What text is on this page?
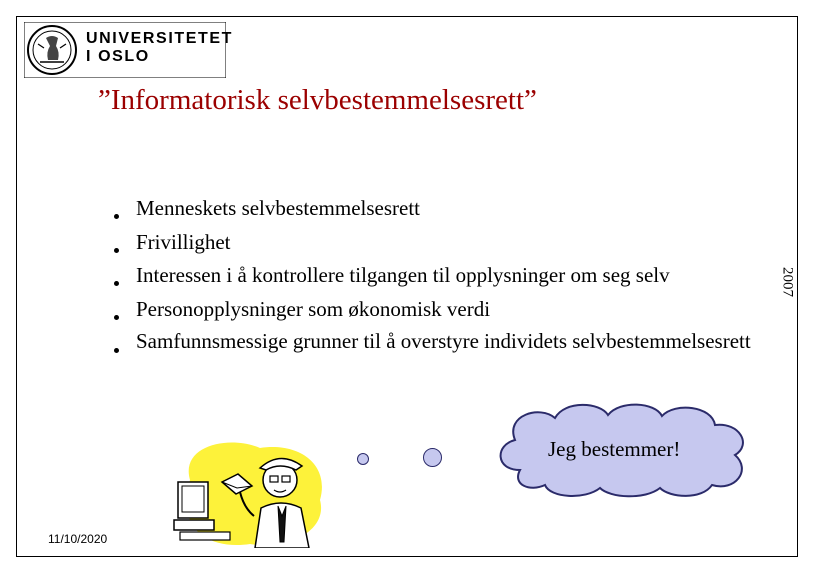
UNIVERSITETET
I OSLO
”Informatorisk selvbestemmelsesrett”
2007
Menneskets selvbestemmelsesrett
Frivillighet
Interessen i å kontrollere tilgangen til opplysninger om seg selv
Personopplysninger som økonomisk verdi
Samfunnsmessige grunner til å overstyre individets selvbestemmelsesrett
Jeg bestemmer!
11/10/2020
